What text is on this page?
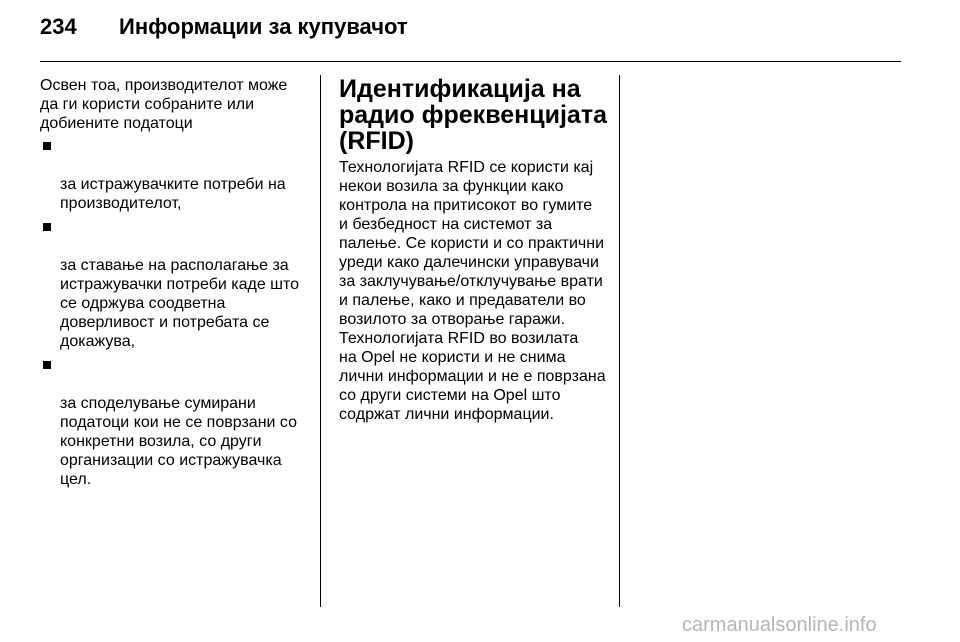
234	Информации за купувачот

Освен тоа, производителот може
да ги користи собраните или
добиените податоци

за истражувачките потреби на
производителот,

за ставање на располагање за
истражувачки потреби каде што
се одржува соодветна
доверливост и потребата се
докажува,

за споделување сумирани
податоци кои не се поврзани со
конкретни возила, со други
организации со истражувачка
цел.

Идентификација на
радио фреквенцијата
(RFID)

Технологијата RFID се користи кај
некои возила за функции како
контрола на притисокот во гумите
и безбедност на системот за
палење. Се користи и со практични
уреди како далечински управувачи
за заклучување/отклучување врати
и палење, како и предаватели во
возилото за отворање гаражи.
Технологијата RFID во возилата
на Opel не користи и не снима
лични информации и не е поврзана
со други системи на Opel што
содржат лични информации.

carmanualsonline.info
